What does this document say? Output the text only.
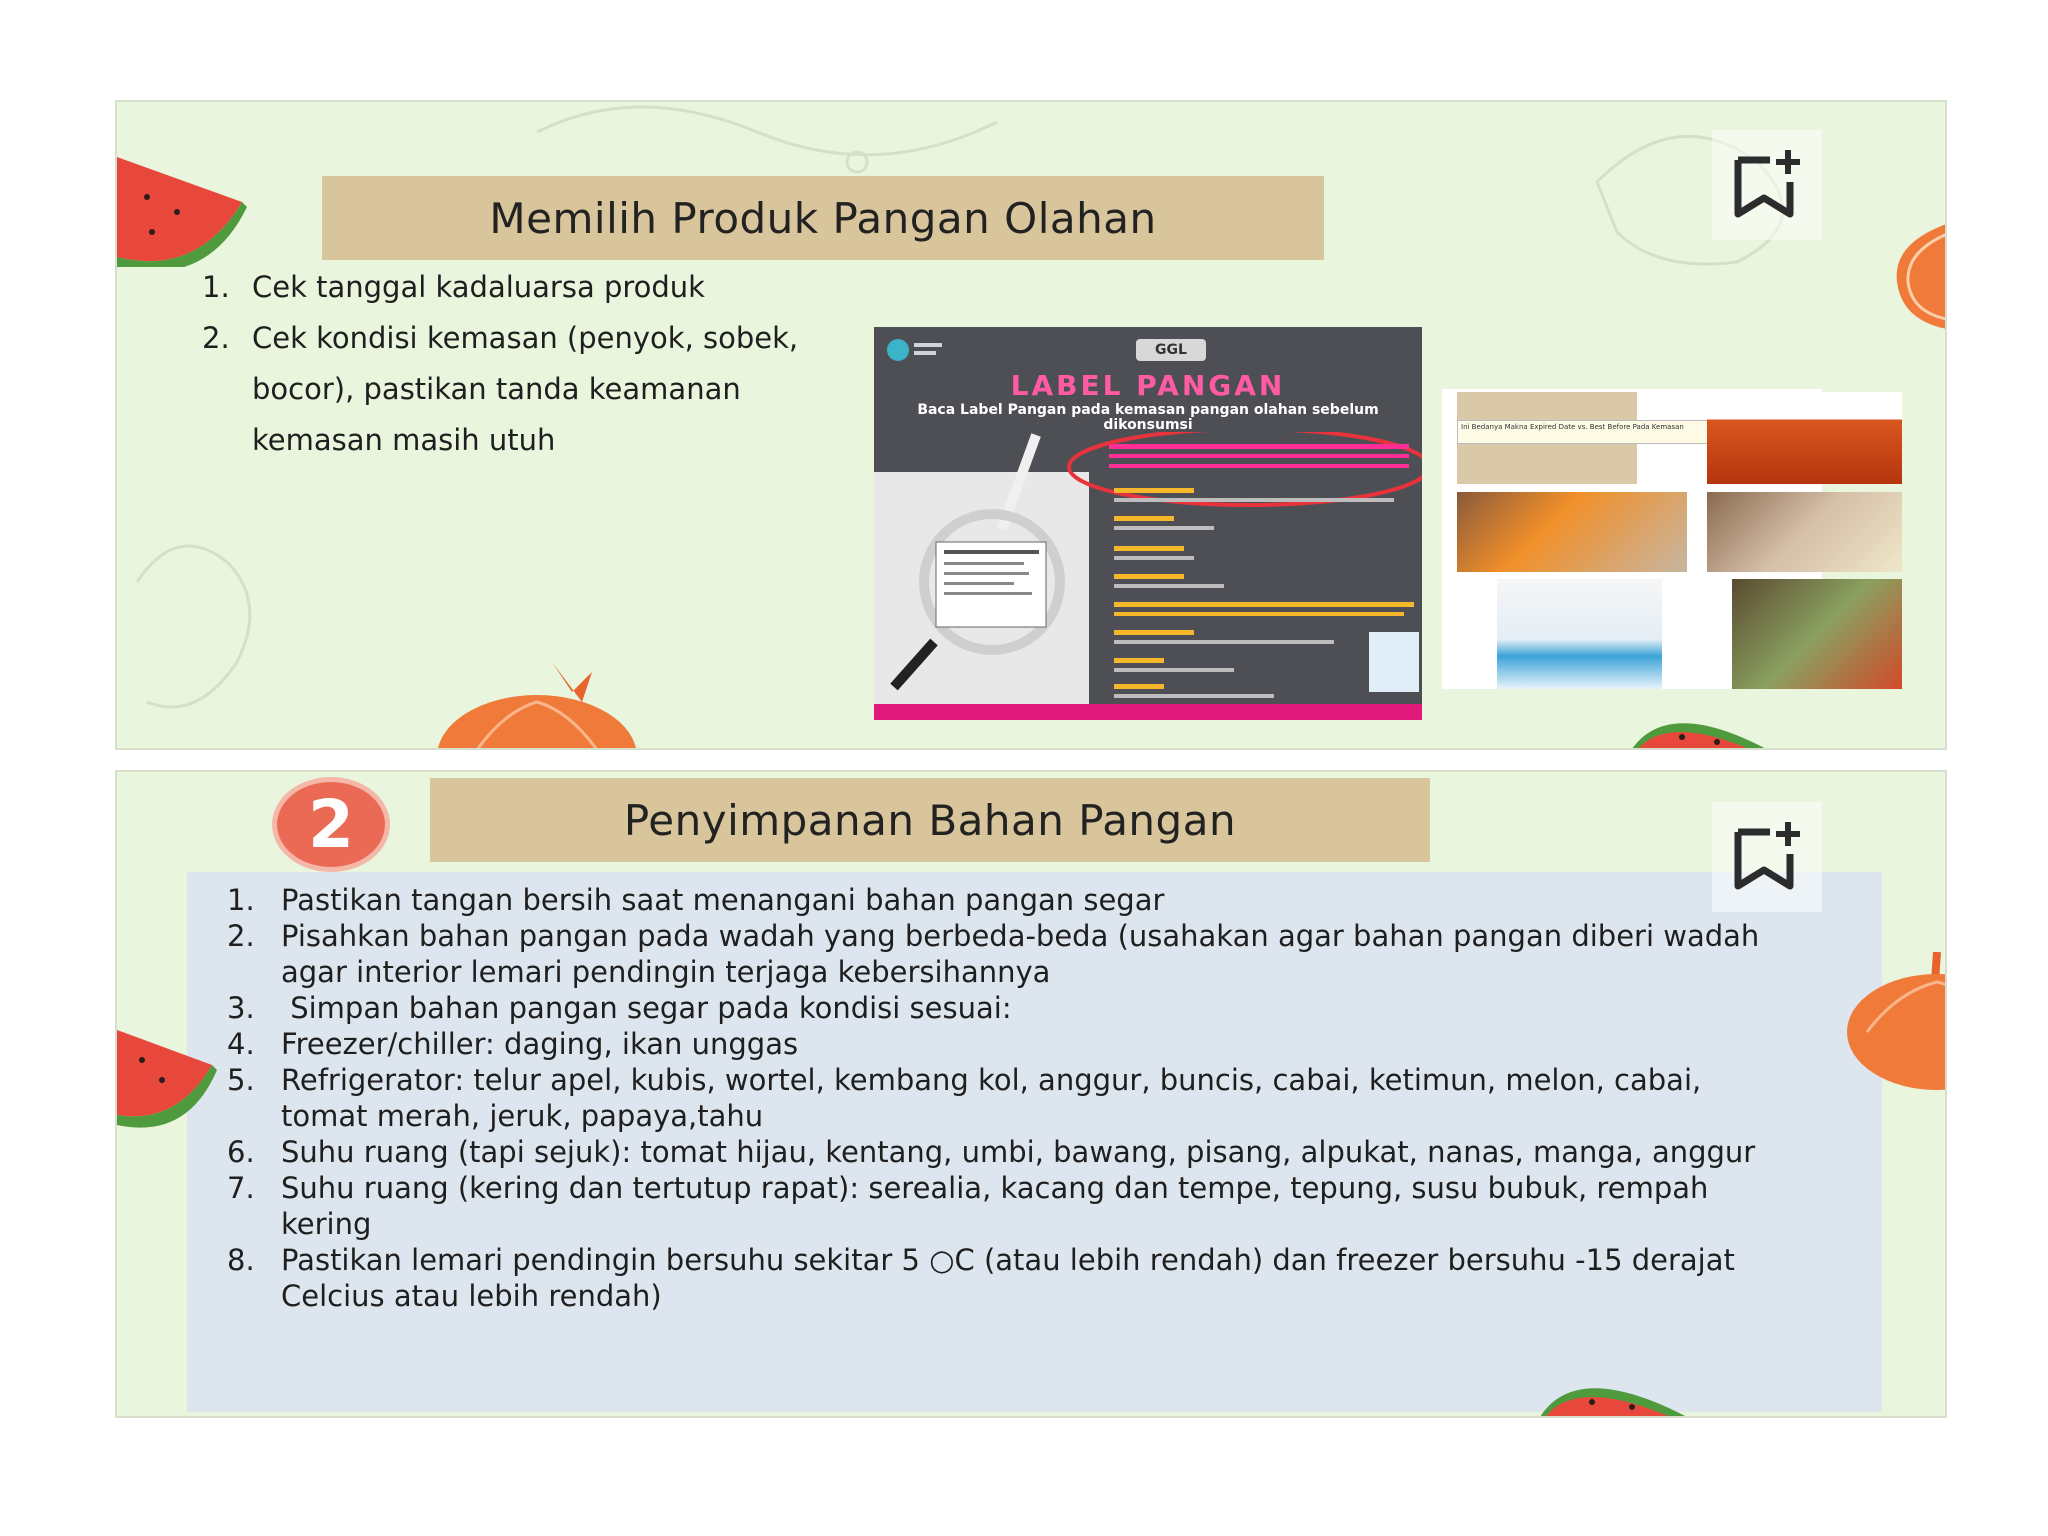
Memilih Produk Pangan Olahan
1. Cek tanggal kadaluarsa produk
2. Cek kondisi kemasan (penyok, sobek, bocor), pastikan tanda keamanan kemasan masih utuh
GGL
LABEL PANGAN
Baca Label Pangan pada kemasan pangan olahan sebelum dikonsumsi	Ini Bedanya Makna Expired Date vs. Best Before Pada Kemasan
2	Penyimpanan Bahan Pangan
1. Pastikan tangan bersih saat menangani bahan pangan segar
2. Pisahkan bahan pangan pada wadah yang berbeda-beda (usahakan agar bahan pangan diberi wadah agar interior lemari pendingin terjaga kebersihannya
3. Simpan bahan pangan segar pada kondisi sesuai:
4. Freezer/chiller: daging, ikan unggas
5. Refrigerator: telur apel, kubis, wortel, kembang kol, anggur, buncis, cabai, ketimun, melon, cabai, tomat merah, jeruk, papaya,tahu
6. Suhu ruang (tapi sejuk): tomat hijau, kentang, umbi, bawang, pisang, alpukat, nanas, manga, anggur
7. Suhu ruang (kering dan tertutup rapat): serealia, kacang dan tempe, tepung, susu bubuk, rempah kering
8. Pastikan lemari pendingin bersuhu sekitar 5 ○C (atau lebih rendah) dan freezer bersuhu -15 derajat Celcius atau lebih rendah)
